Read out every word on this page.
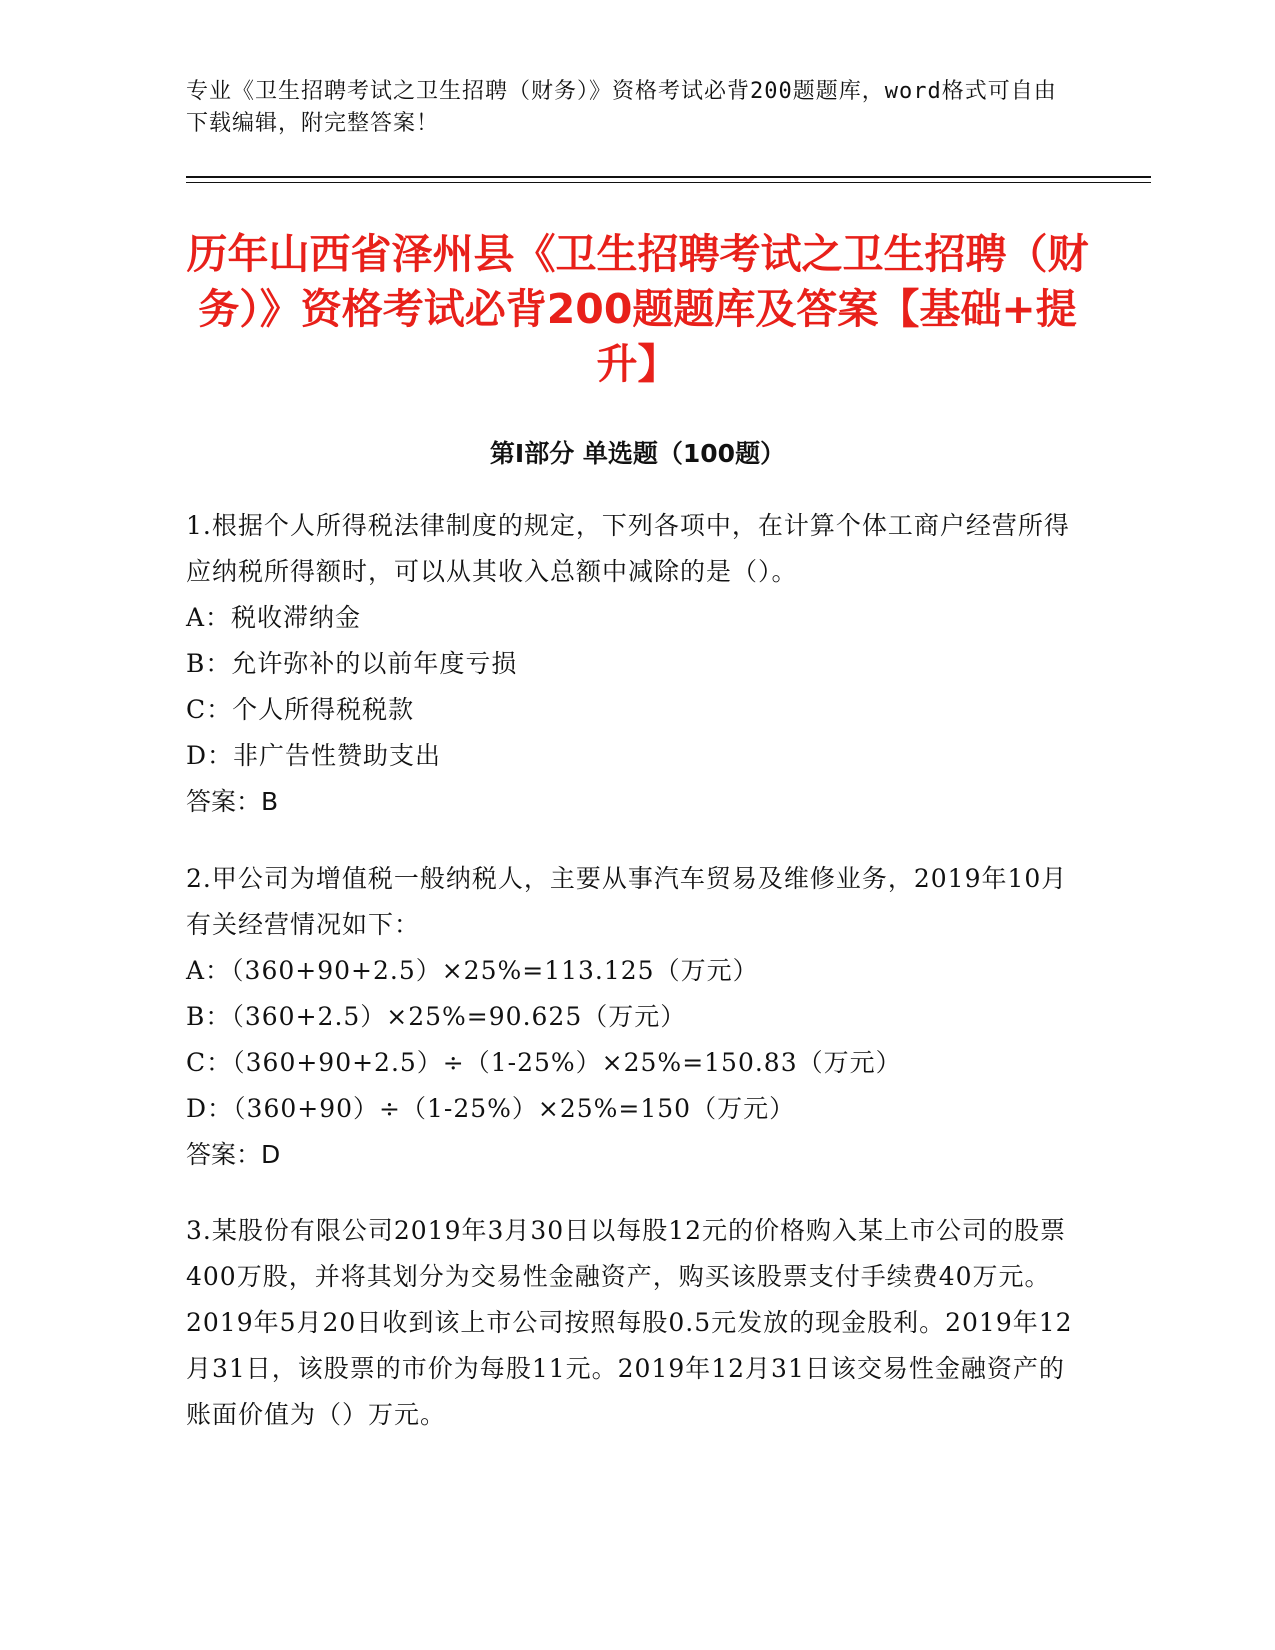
专业《卫生招聘考试之卫生招聘（财务）》资格考试必背200题题库，word格式可自由下载编辑，附完整答案！
历年山西省泽州县《卫生招聘考试之卫生招聘（财务）》资格考试必背200题题库及答案【基础+提升】
第I部分 单选题（100题）

1.根据个人所得税法律制度的规定，下列各项中，在计算个体工商户经营所得应纳税所得额时，可以从其收入总额中减除的是（）。

A：税收滞纳金

B：允许弥补的以前年度亏损

C：个人所得税税款

D：非广告性赞助支出

答案：B

2.甲公司为增值税一般纳税人，主要从事汽车贸易及维修业务，2019年10月有关经营情况如下：

A：（360+90+2.5）×25%=113.125（万元）

B：（360+2.5）×25%=90.625（万元）

C：（360+90+2.5）÷（1-25%）×25%=150.83（万元）

D：（360+90）÷（1-25%）×25%=150（万元）

答案：D

3.某股份有限公司2019年3月30日以每股12元的价格购入某上市公司的股票400万股，并将其划分为交易性金融资产，购买该股票支付手续费40万元。2019年5月20日收到该上市公司按照每股0.5元发放的现金股利。2019年12月31日，该股票的市价为每股11元。2019年12月31日该交易性金融资产的账面价值为（）万元。
